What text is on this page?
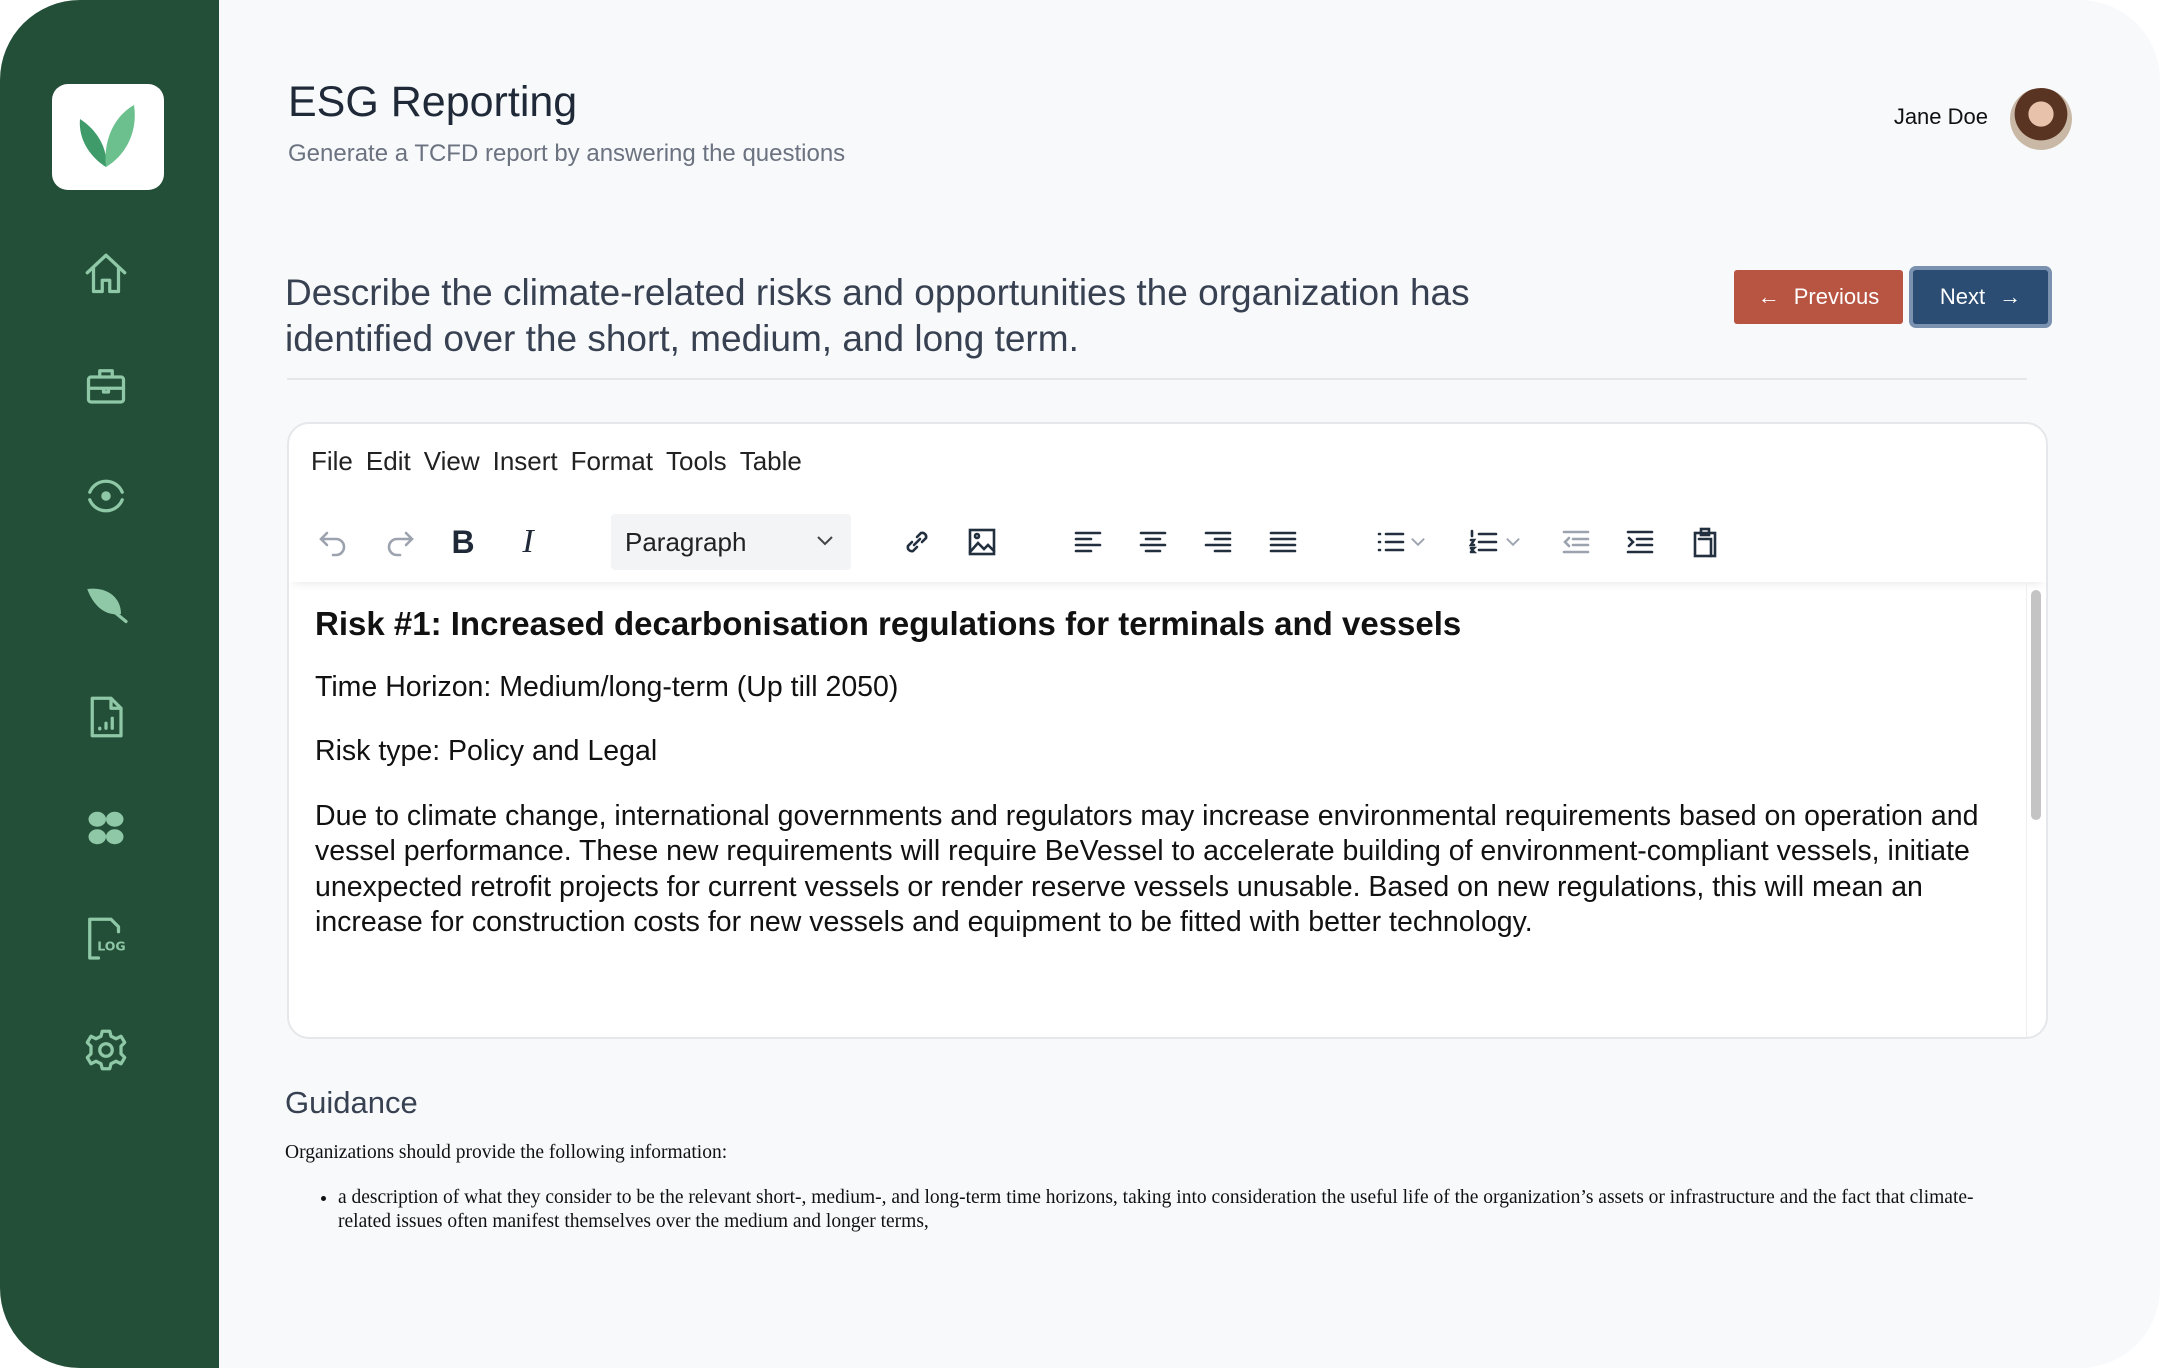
LOG
ESG Reporting
Generate a TCFD report by answering the questions
Jane Doe
Describe the climate-related risks and opportunities the organization has identified over the short, medium, and long term.
← Previous	Next →
File Edit View Insert Format Tools Table
B I	Paragraph
Risk #1: Increased decarbonisation regulations for terminals and vessels

Time Horizon: Medium/long-term (Up till 2050)

Risk type: Policy and Legal

Due to climate change, international governments and regulators may increase environmental requirements based on operation and vessel performance. These new requirements will require BeVessel to accelerate building of environment-compliant vessels, initiate unexpected retrofit projects for current vessels or render reserve vessels unusable. Based on new regulations, this will mean an increase for construction costs for new vessels and equipment to be fitted with better technology.

Guidance
Organizations should provide the following information:
• a description of what they consider to be the relevant short-, medium-, and long-term time horizons, taking into consideration the useful life of the organization’s assets or infrastructure and the fact that climate-related issues often manifest themselves over the medium and longer terms,
